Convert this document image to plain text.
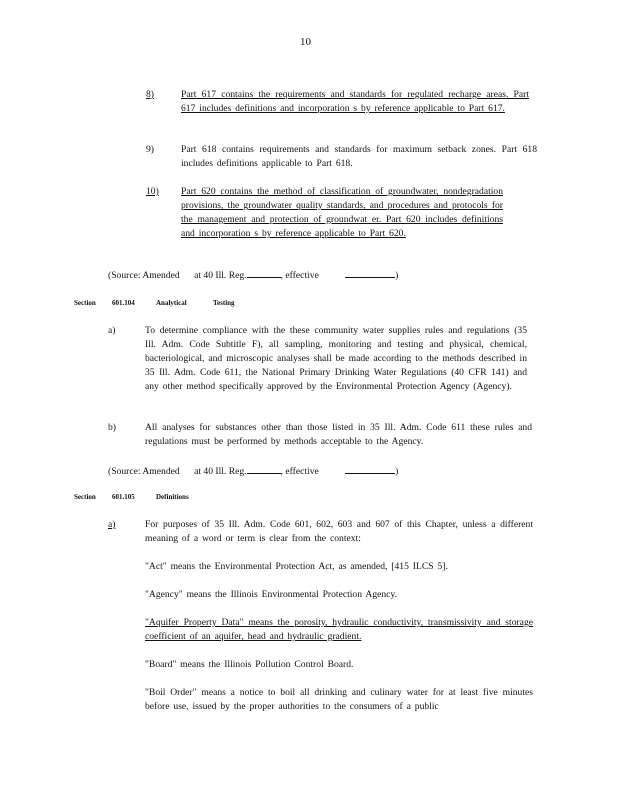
10
8)	Part 617 contains the requirements and standards for regulated recharge areas. Part 617 includes definitions and incorporation s by reference applicable to Part 617.
9)	Part 618 contains requirements and standards for maximum setback zones. Part 618 includes definitions applicable to Part 618.
10) Part 620 contains the method of classification of groundwater, nondegradation provisions, the groundwater quality standards, and procedures and protocols for the management and protection of groundwat er. Part 620 includes definitions and incorporation s by reference applicable to Part 620.
(Source: Amended at 40 Ill. Reg.	, effective	)
Section 601.104	Analytical	Testing
a)	To determine compliance with the these community water supplies rules and regulations (35 Ill. Adm. Code Subtitle F), all sampling, monitoring and testing and physical, chemical, bacteriological, and microscopic analyses shall be made according to the methods described in 35 Ill. Adm. Code 611, the National Primary Drinking Water Regulations (40 CFR 141) and any other method specifically approved by the Environmental Protection Agency (Agency).
b)	All analyses for substances other than those listed in 35 Ill. Adm. Code 611 these rules and regulations must be performed by methods acceptable to the Agency.
(Source: Amended at 40 Ill. Reg.	, effective	)
Section 601.105	Definitions
a)	For purposes of 35 Ill. Adm. Code 601, 602, 603 and 607 of this Chapter, unless a different meaning of a word or term is clear from the context:
"Act" means the Environmental Protection Act, as amended, [415 ILCS 5].
"Agency" means the Illinois Environmental Protection Agency.
"Aquifer Property Data" means the porosity, hydraulic conductivity, transmissivity and storage coefficient of an aquifer, head and hydraulic gradient.
"Board" means the Illinois Pollution Control Board.
"Boil Order" means a notice to boil all drinking and culinary water for at least five minutes before use, issued by the proper authorities to the consumers of a public
